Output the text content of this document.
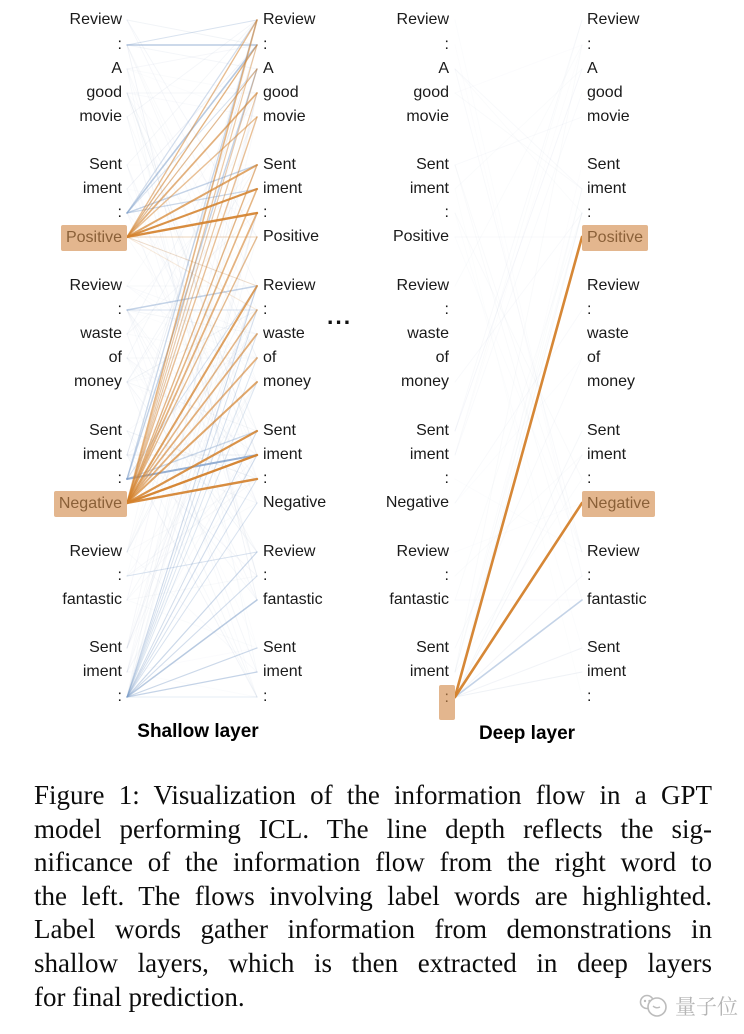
Review	Review
:	:
A	A
good	good
movie	movie
Sent	Sent
iment	iment
:	:
Positive	Positive
Review	Review
:	:
waste	waste
of	of
money	money
Sent	Sent
iment	iment
:	:
Negative	Negative
Review	Review
:	:
fantastic	fantastic
Sent	Sent
iment	iment
:	:
Review	Review
:	:
A	A
good	good
movie	movie
Sent	Sent
iment	iment
:	:
Positive	Positive
Review	Review
:	:
waste	waste
of	of
money	money
Sent	Sent
iment	iment
:	:
Negative	Negative
Review	Review
:	:
fantastic	fantastic
Sent	Sent
iment	iment
:	:
...
Shallow layer	Deep layer
Figure 1: Visualization of the information flow in a GPT
model performing ICL. The line depth reflects the sig-
nificance of the information flow from the right word to
the left. The flows involving label words are highlighted.
Label words gather information from demonstrations in
shallow layers, which is then extracted in deep layers
for final prediction.	量子位
